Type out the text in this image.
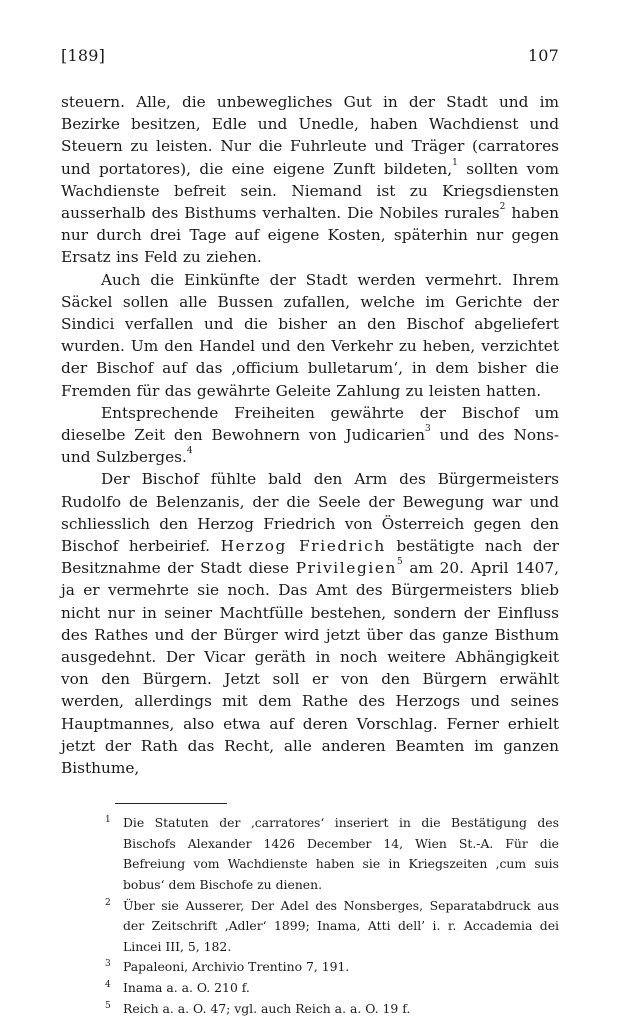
[189]	107

steuern. Alle, die unbewegliches Gut in der Stadt und im Bezirke besitzen, Edle und Unedle, haben Wachdienst und Steuern zu leisten. Nur die Fuhrleute und Träger (carratores und portatores), die eine eigene Zunft bildeten,$^1$ sollten vom Wachdienste befreit sein. Niemand ist zu Kriegsdiensten ausserhalb des Bisthums verhalten. Die Nobiles rurales$^2$ haben nur durch drei Tage auf eigene Kosten, späterhin nur gegen Ersatz ins Feld zu ziehen.

Auch die Einkünfte der Stadt werden vermehrt. Ihrem Säckel sollen alle Bussen zufallen, welche im Gerichte der Sindici verfallen und die bisher an den Bischof abgeliefert wurden. Um den Handel und den Verkehr zu heben, verzichtet der Bischof auf das ‚officium bulletarum‘, in dem bisher die Fremden für das gewährte Geleite Zahlung zu leisten hatten.

Entsprechende Freiheiten gewährte der Bischof um dieselbe Zeit den Bewohnern von Judicarien$^3$ und des Nons- und Sulzberges.$^4$

Der Bischof fühlte bald den Arm des Bürgermeisters Rudolfo de Belenzanis, der die Seele der Bewegung war und schliesslich den Herzog Friedrich von Österreich gegen den Bischof herbeirief. Herzog Friedrich bestätigte nach der Besitznahme der Stadt diese Privilegien$^5$ am 20. April 1407, ja er vermehrte sie noch. Das Amt des Bürgermeisters blieb nicht nur in seiner Machtfülle bestehen, sondern der Einfluss des Rathes und der Bürger wird jetzt über das ganze Bisthum ausgedehnt. Der Vicar geräth in noch weitere Abhängigkeit von den Bürgern. Jetzt soll er von den Bürgern erwählt werden, allerdings mit dem Rathe des Herzogs und seines Hauptmannes, also etwa auf deren Vorschlag. Ferner erhielt jetzt der Rath das Recht, alle anderen Beamten im ganzen Bisthume,

1 Die Statuten der ‚carratores‘ inseriert in die Bestätigung des Bischofs Alexander 1426 December 14, Wien St.-A. Für die Befreiung vom Wachdienste haben sie in Kriegszeiten ‚cum suis bobus‘ dem Bischofe zu dienen.
2 Über sie Ausserer, Der Adel des Nonsberges, Separatabdruck aus der Zeitschrift ‚Adler‘ 1899; Inama, Atti dell’ i. r. Accademia dei Lincei III, 5, 182.
3 Papaleoni, Archivio Trentino 7, 191.
4 Inama a. a. O. 210 f.
5 Reich a. a. O. 47; vgl. auch Reich a. a. O. 19 f.
